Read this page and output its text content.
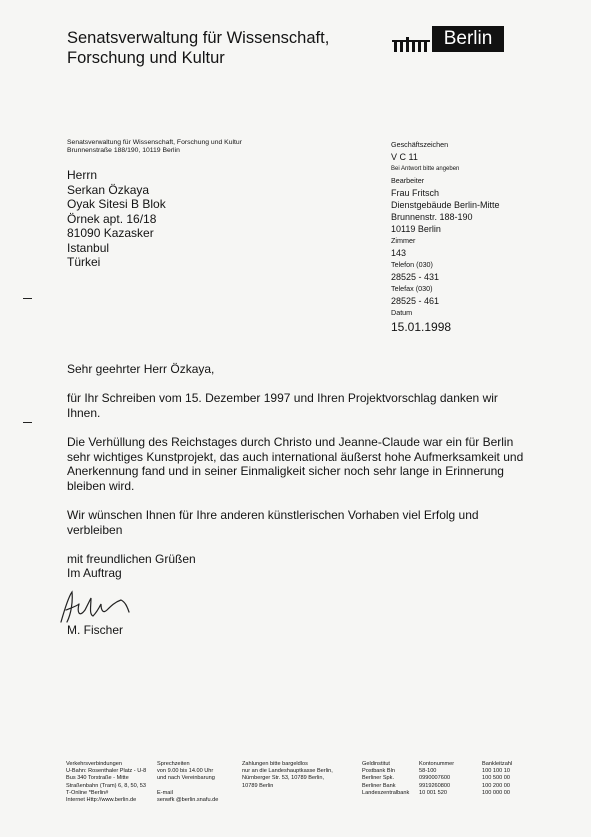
Senatsverwaltung für Wissenschaft,
Forschung und Kultur
Berlin
Senatsverwaltung für Wissenschaft, Forschung und Kultur
Brunnenstraße 188/190, 10119 Berlin
Herrn
Serkan Özkaya
Oyak Sitesi B Blok
Örnek apt. 16/18
81090 Kazasker
Istanbul
Türkei
Geschäftszeichen
V C 11
Bei Antwort bitte angeben
Bearbeiter
Frau Fritsch
Dienstgebäude Berlin-Mitte
Brunnenstr. 188-190
10119 Berlin
Zimmer
143
Telefon (030)
28525 - 431
Telefax (030)
28525 - 461
Datum
15.01.1998

Sehr geehrter Herr Özkaya,

für Ihr Schreiben vom 15. Dezember 1997 und Ihren Projektvorschlag danken wir Ihnen.

Die Verhüllung des Reichstages durch Christo und Jeanne-Claude war ein für Berlin sehr wichtiges Kunstprojekt, das auch international äußerst hohe Aufmerksamkeit und Anerkennung fand und in seiner Einmaligkeit sicher noch sehr lange in Erinnerung bleiben wird.

Wir wünschen Ihnen für Ihre anderen künstlerischen Vorhaben viel Erfolg und verbleiben

mit freundlichen Grüßen
Im Auftrag
M. Fischer
Verkehrsverbindungen
U-Bahn: Rosenthaler Platz - U-8
Bus 340 Torstraße - Mitte
Straßenbahn (Tram) 6, 8, 50, 53
T-Online *Berlin#
Internet Http://www.berlin.de
Sprechzeiten
von 9.00 bis 14.00 Uhr
und nach Vereinbarung
E-mail
senwfk @berlin.snafu.de
Zahlungen bitte bargeldlos
nur an die Landeshauptkasse Berlin,
Nürnberger Str. 53, 10789 Berlin,
10789 Berlin
Geldinstitut
Postbank Bln
Berliner Spk.
Berliner Bank
Landeszentralbank
Kontonummer
58-100
0990007600
9919260800
10 001 520
Bankleitzahl
100 100 10
100 500 00
100 200 00
100 000 00
